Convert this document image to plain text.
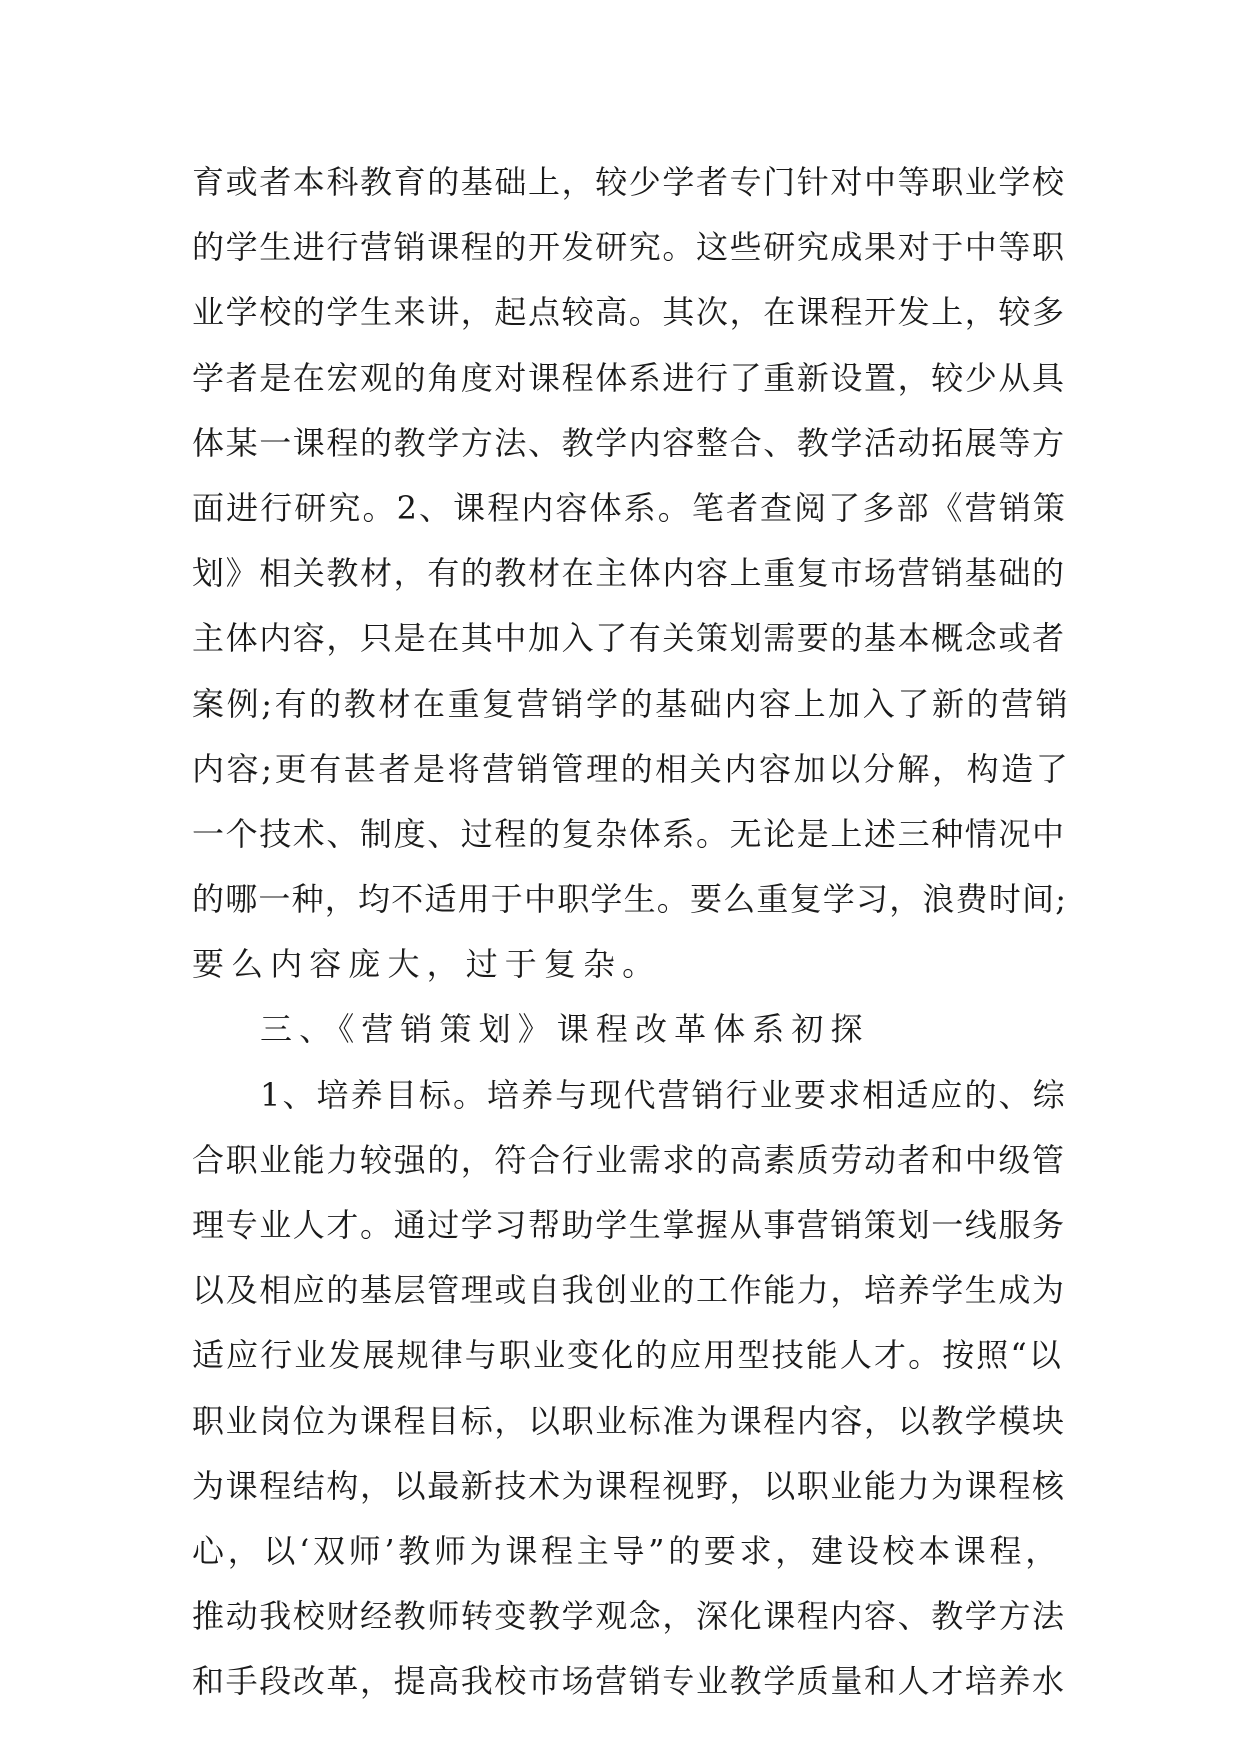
育或者本科教育的基础上，较少学者专门针对中等职业学校
的学生进行营销课程的开发研究。这些研究成果对于中等职
业学校的学生来讲，起点较高。其次，在课程开发上，较多
学者是在宏观的角度对课程体系进行了重新设置，较少从具
体某一课程的教学方法、教学内容整合、教学活动拓展等方
面进行研究。2、课程内容体系。笔者查阅了多部《营销策
划》相关教材，有的教材在主体内容上重复市场营销基础的
主体内容，只是在其中加入了有关策划需要的基本概念或者
案例;有的教材在重复营销学的基础内容上加入了新的营销
内容;更有甚者是将营销管理的相关内容加以分解，构造了
一个技术、制度、过程的复杂体系。无论是上述三种情况中
的哪一种，均不适用于中职学生。要么重复学习，浪费时间;
要么内容庞大，过于复杂。
三、《营销策划》课程改革体系初探
1、培养目标。培养与现代营销行业要求相适应的、综
合职业能力较强的，符合行业需求的高素质劳动者和中级管
理专业人才。通过学习帮助学生掌握从事营销策划一线服务
以及相应的基层管理或自我创业的工作能力，培养学生成为
适应行业发展规律与职业变化的应用型技能人才。按照“以
职业岗位为课程目标，以职业标准为课程内容，以教学模块
为课程结构，以最新技术为课程视野，以职业能力为课程核
心，以‘双师’教师为课程主导”的要求，建设校本课程，
推动我校财经教师转变教学观念，深化课程内容、教学方法
和手段改革，提高我校市场营销专业教学质量和人才培养水
